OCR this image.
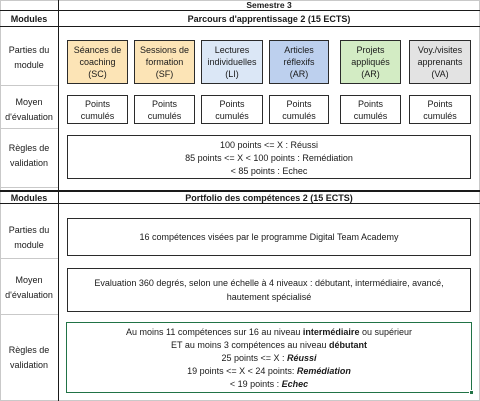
Semestre 3
Modules	Parcours d'apprentissage 2 (15 ECTS)
Parties du
module
Moyen
d'évaluation
Règles de
validation
Séances de
coaching
(SC)
Sessions de
formation
(SF)
Lectures
individuelles
(LI)
Articles
réflexifs
(AR)
Projets
appliqués
(AR)
Voy./visites
apprenants
(VA)
Points
cumulés
Points
cumulés
Points
cumulés
Points
cumulés
Points
cumulés
Points
cumulés
100 points <= X : Réussi
85 points <= X < 100 points : Remédiation
< 85 points : Echec
Modules	Portfolio des compétences 2 (15 ECTS)
Parties du
module
Moyen
d'évaluation
Règles de
validation
16 compétences visées par le programme Digital Team Academy
Evaluation 360 degrés, selon une échelle à 4 niveaux : débutant, intermédiaire, avancé,
hautement spécialisé
Au moins 11 compétences sur 16 au niveau intermédiaire ou supérieur
ET au moins 3 compétences au niveau débutant
25 points <= X : Réussi
19 points <= X < 24 points: Remédiation
< 19 points : Echec
